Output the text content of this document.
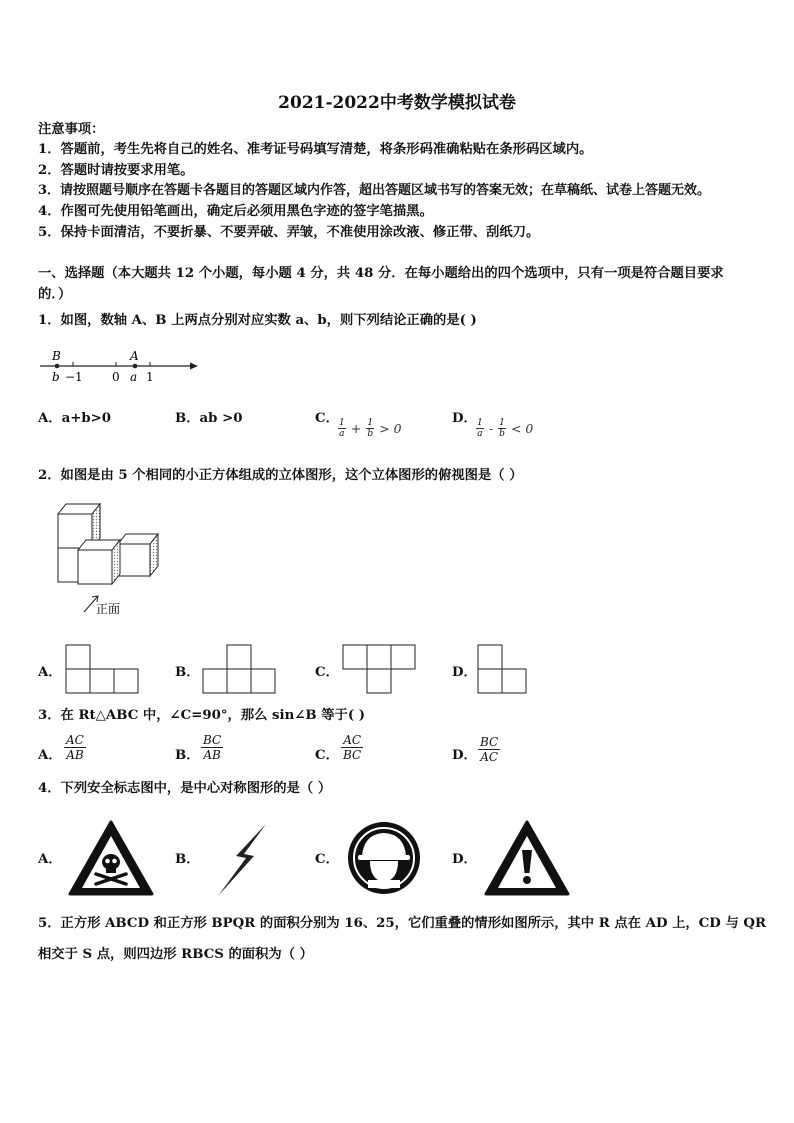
2021-2022中考数学模拟试卷
注意事项：
1．答题前，考生先将自己的姓名、准考证号码填写清楚，将条形码准确粘贴在条形码区域内。
2．答题时请按要求用笔。
3．请按照题号顺序在答题卡各题目的答题区域内作答，超出答题区域书写的答案无效；在草稿纸、试卷上答题无效。
4．作图可先使用铅笔画出，确定后必须用黑色字迹的签字笔描黑。
5．保持卡面清洁，不要折暴、不要弄破、弄皱，不准使用涂改液、修正带、刮纸刀。
一、选择题（本大题共 12 个小题，每小题 4 分，共 48 分．在每小题给出的四个选项中，只有一项是符合题目要求
的．）
1．如图，数轴 A、B 上两点分别对应实数 a、b，则下列结论正确的是( )
B	A
b −1 0 a 1
A．a+b>0	B．ab >0	C． $\frac{1}{a} + \frac{1}{b} > 0$
D． $\frac{1}{a} - \frac{1}{b} < 0$
2．如图是由 5 个相同的小正方体组成的立体图形，这个立体图形的俯视图是（ ）
正面
A．	B．	C．	D．
3．在 Rt△ABC 中，∠C=90°，那么 sin∠B 等于( )
A． $\frac{AC}{AB}$	B． $\frac{BC}{AB}$	C． $\frac{AC}{BC}$	D． $\frac{BC}{AC}$
4．下列安全标志图中，是中心对称图形的是（ ）
A．	B．	C．	D．
5．正方形 ABCD 和正方形 BPQR 的面积分别为 16、25，它们重叠的情形如图所示，其中 R 点在 AD 上，CD 与 QR
相交于 S 点，则四边形 RBCS 的面积为（ ）
